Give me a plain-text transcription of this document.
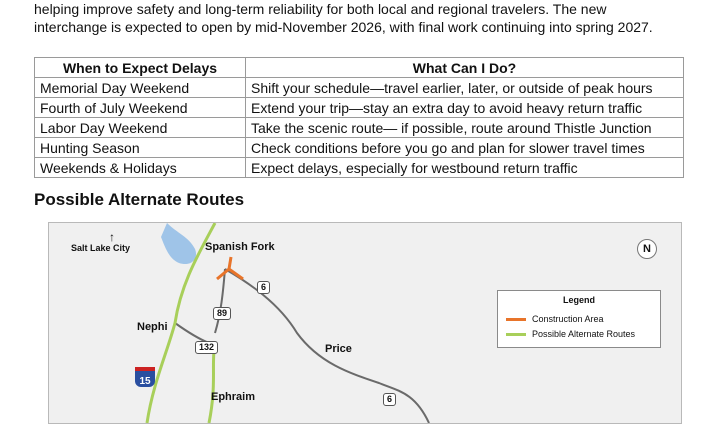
helping improve safety and long-term reliability for both local and regional travelers. The new

interchange is expected to open by mid-November 2026, with final work continuing into spring 2027.

When to Expect Delays	What Can I Do?
Memorial Day Weekend	Shift your schedule—travel earlier, later, or outside of peak hours
Fourth of July Weekend	Extend your trip—stay an extra day to avoid heavy return traffic
Labor Day Weekend	Take the scenic route— if possible, route around Thistle Junction
Hunting Season	Check conditions before you go and plan for slower travel times
Weekends & Holidays	Expect delays, especially for westbound return traffic
Possible Alternate Routes
↑
Salt Lake City	Spanish Fork
Nephi
Price
Ephraim
6
89
132
15
6
N
Legend
Construction Area
Possible Alternate Routes
